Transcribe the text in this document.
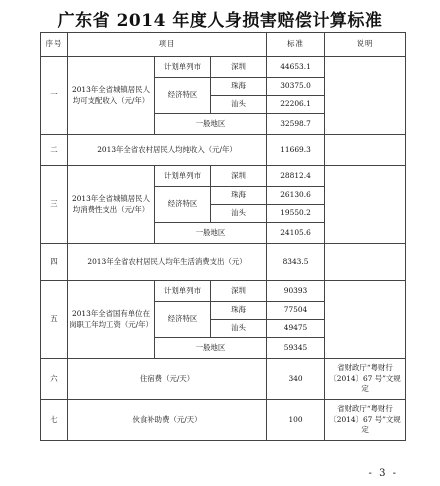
广东省 2014 年度人身损害赔偿计算标准
序号	项目			标准	说明
一	2013年全省城镇居民人均可支配收入（元/年）	计划单列市	深圳	44653.1	
		经济特区	珠海	30375.0	
			汕头	22206.1	
		一般地区		32598.7	
二	2013年全省农村居民人均纯收入（元/年）			11669.3	
三	2013年全省城镇居民人均消费性支出（元/年）	计划单列市	深圳	28812.4	
		经济特区	珠海	26130.6	
			汕头	19550.2	
		一般地区		24105.6	
四	2013年全省农村居民人均年生活消费支出（元）			8343.5	
五	2013年全省国有单位在岗职工年均工资（元/年）	计划单列市	深圳	90393	
		经济特区	珠海	77504	
			汕头	49475	
		一般地区		59345	
六	住宿费（元/天）			340	省财政厅“粤财行〔2014〕67 号”文规定
七	伙食补助费（元/天）			100	省财政厅“粤财行〔2014〕67 号”文规定
- 3 -
